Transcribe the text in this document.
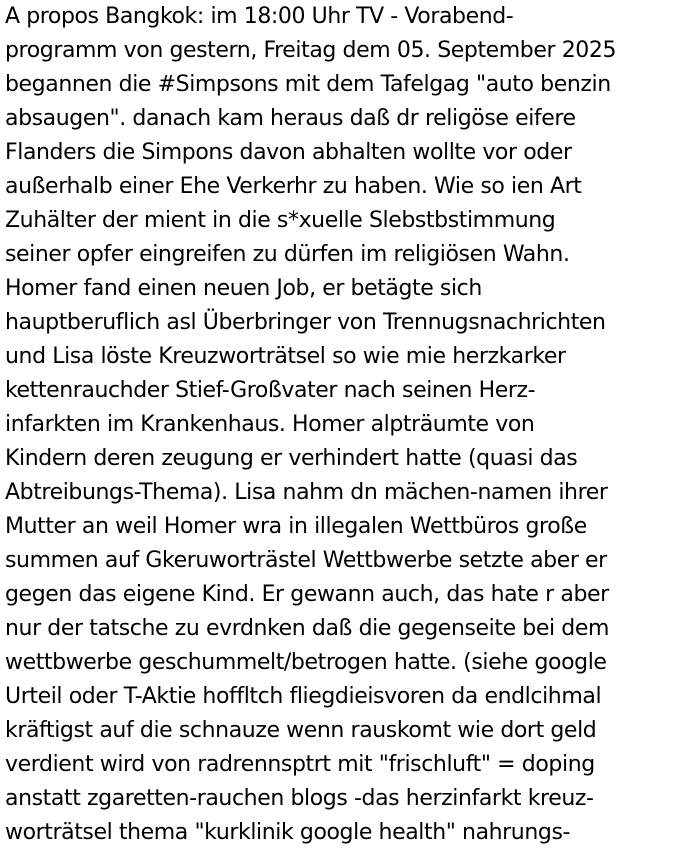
A propos Bangkok: im 18:00 Uhr TV - Vorabend-
programm von gestern, Freitag dem 05. September 2025
begannen die #Simpsons mit dem Tafelgag "auto benzin
absaugen". danach kam heraus daß dr religöse eifere
Flanders die Simpons davon abhalten wollte vor oder
außerhalb einer Ehe Verkerhr zu haben. Wie so ien Art
Zuhälter der mient in die s*xuelle Slebstbstimmung
seiner opfer eingreifen zu dürfen im religiösen Wahn.
Homer fand einen neuen Job, er betägte sich
hauptberuflich asl Überbringer von Trennugsnachrichten
und Lisa löste Kreuzworträtsel so wie mie herzkarker
kettenrauchder Stief-Großvater nach seinen Herz-
infarkten im Krankenhaus. Homer alpträumte von
Kindern deren zeugung er verhindert hatte (quasi das
Abtreibungs-Thema). Lisa nahm dn mächen-namen ihrer
Mutter an weil Homer wra in illegalen Wettbüros große
summen auf Gkeruworträstel Wettbwerbe setzte aber er
gegen das eigene Kind. Er gewann auch, das hate r aber
nur der tatsche zu evrdnken daß die gegenseite bei dem
wettbwerbe geschummelt/betrogen hatte. (siehe google
Urteil oder T-Aktie hoffltch fliegdieisvoren da endlcihmal
kräftigst auf die schnauze wenn rauskomt wie dort geld
verdient wird von radrennsptrt mit "frischluft" = doping
anstatt zgaretten-rauchen blogs -das herzinfarkt kreuz-
worträtsel thema "kurklinik google health" nahrungs-
